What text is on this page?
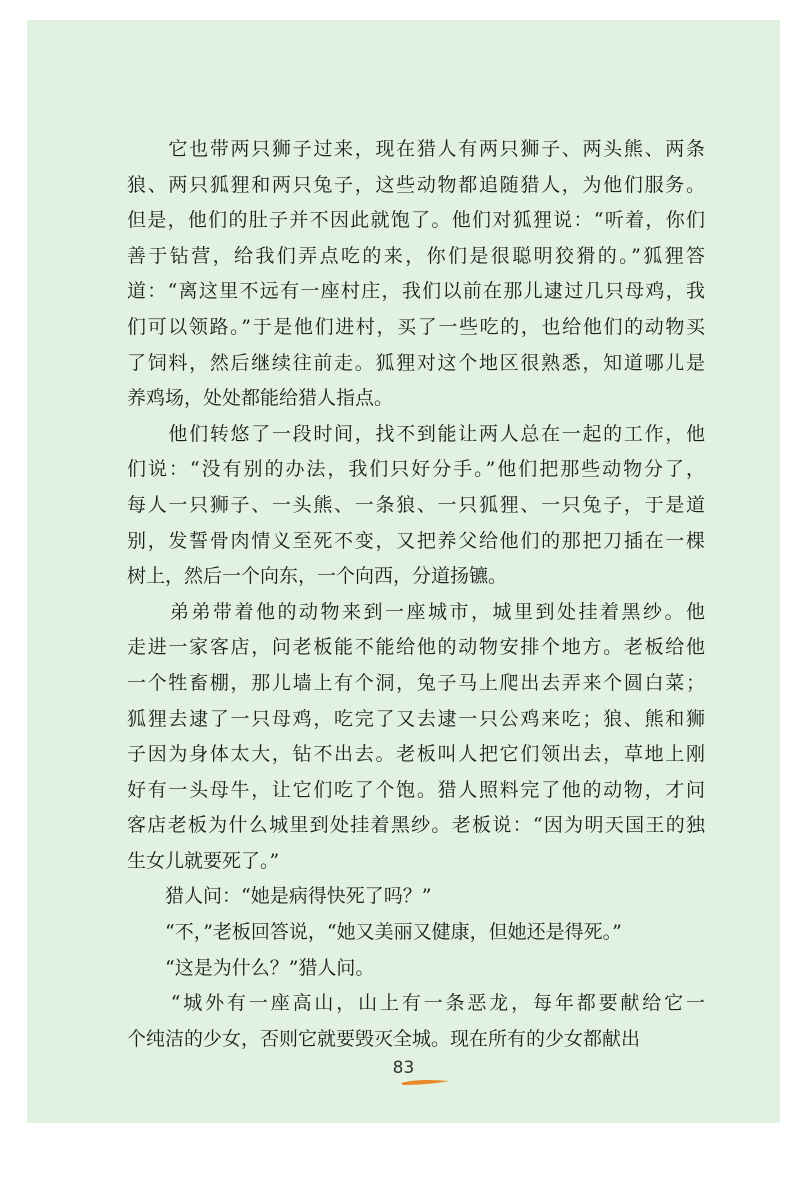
　　它也带两只狮子过来，现在猎人有两只狮子、两头熊、两条
狼、两只狐狸和两只兔子，这些动物都追随猎人，为他们服务。
但是，他们的肚子并不因此就饱了。他们对狐狸说：“听着，你们
善于钻营，给我们弄点吃的来，你们是很聪明狡猾的。”狐狸答
道：“离这里不远有一座村庄，我们以前在那儿逮过几只母鸡，我
们可以领路。”于是他们进村，买了一些吃的，也给他们的动物买
了饲料，然后继续往前走。狐狸对这个地区很熟悉，知道哪儿是
养鸡场，处处都能给猎人指点。
　　他们转悠了一段时间，找不到能让两人总在一起的工作，他
们说：“没有别的办法，我们只好分手。”他们把那些动物分了，
每人一只狮子、一头熊、一条狼、一只狐狸、一只兔子，于是道
别，发誓骨肉情义至死不变，又把养父给他们的那把刀插在一棵
树上，然后一个向东，一个向西，分道扬镳。
　　弟弟带着他的动物来到一座城市，城里到处挂着黑纱。他
走进一家客店，问老板能不能给他的动物安排个地方。老板给他
一个牲畜棚，那儿墙上有个洞，兔子马上爬出去弄来个圆白菜；
狐狸去逮了一只母鸡，吃完了又去逮一只公鸡来吃；狼、熊和狮
子因为身体太大，钻不出去。老板叫人把它们领出去，草地上刚
好有一头母牛，让它们吃了个饱。猎人照料完了他的动物，才问
客店老板为什么城里到处挂着黑纱。老板说：“因为明天国王的独
生女儿就要死了。”
　　猎人问：“她是病得快死了吗？”
　　“不，”老板回答说，“她又美丽又健康，但她还是得死。”
　　“这是为什么？”猎人问。
　　“城外有一座高山，山上有一条恶龙，每年都要献给它一
个纯洁的少女，否则它就要毁灭全城。现在所有的少女都献出
83
